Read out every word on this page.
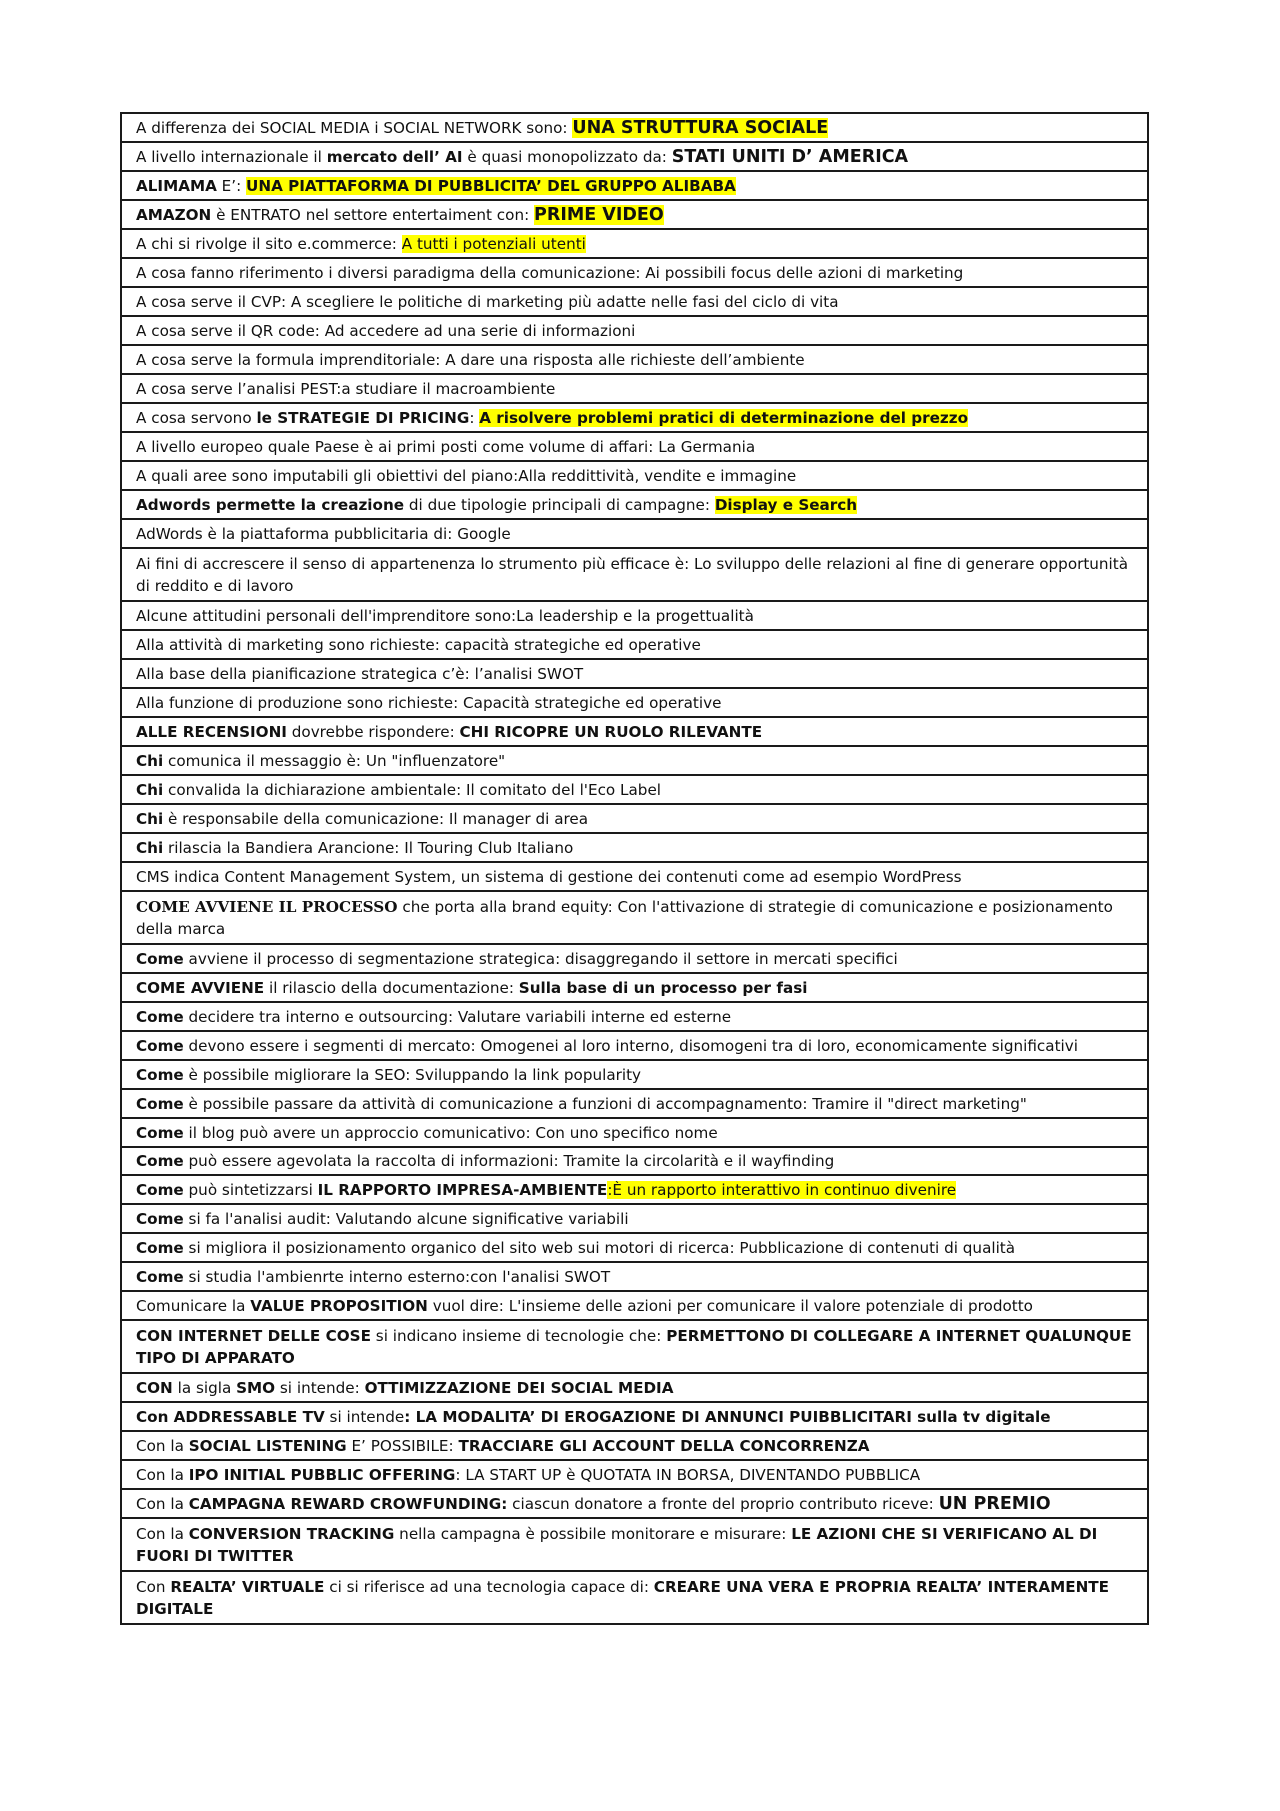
A differenza dei SOCIAL MEDIA i SOCIAL NETWORK sono: UNA STRUTTURA SOCIALE
A livello internazionale il mercato dell’ AI è quasi monopolizzato da: STATI UNITI D’ AMERICA
ALIMAMA E’: UNA PIATTAFORMA DI PUBBLICITA’ DEL GRUPPO ALIBABA
AMAZON è ENTRATO nel settore entertaiment con: PRIME VIDEO
A chi si rivolge il sito e.commerce: A tutti i potenziali utenti
A cosa fanno riferimento i diversi paradigma della comunicazione: Ai possibili focus delle azioni di marketing
A cosa serve il CVP: A scegliere le politiche di marketing più adatte nelle fasi del ciclo di vita
A cosa serve il QR code: Ad accedere ad una serie di informazioni
A cosa serve la formula imprenditoriale: A dare una risposta alle richieste dell’ambiente
A cosa serve l’analisi PEST:a studiare il macroambiente
A cosa servono le STRATEGIE DI PRICING: A risolvere problemi pratici di determinazione del prezzo
A livello europeo quale Paese è ai primi posti come volume di affari: La Germania
A quali aree sono imputabili gli obiettivi del piano:Alla reddittività, vendite e immagine
Adwords permette la creazione di due tipologie principali di campagne: Display e Search
AdWords è la piattaforma pubblicitaria di: Google
Ai fini di accrescere il senso di appartenenza lo strumento più efficace è: Lo sviluppo delle relazioni al fine di generare opportunità di reddito e di lavoro
Alcune attitudini personali dell'imprenditore sono:La leadership e la progettualità
Alla attività di marketing sono richieste: capacità strategiche ed operative
Alla base della pianificazione strategica c’è: l’analisi SWOT
Alla funzione di produzione sono richieste: Capacità strategiche ed operative
ALLE RECENSIONI dovrebbe rispondere: CHI RICOPRE UN RUOLO RILEVANTE
Chi comunica il messaggio è: Un "influenzatore"
Chi convalida la dichiarazione ambientale: Il comitato del l'Eco Label
Chi è responsabile della comunicazione: Il manager di area
Chi rilascia la Bandiera Arancione: Il Touring Club Italiano
CMS indica Content Management System, un sistema di gestione dei contenuti come ad esempio WordPress
COME AVVIENE IL PROCESSO che porta alla brand equity: Con l'attivazione di strategie di comunicazione e posizionamento della marca
Come avviene il processo di segmentazione strategica: disaggregando il settore in mercati specifici
COME AVVIENE il rilascio della documentazione: Sulla base di un processo per fasi
Come decidere tra interno e outsourcing: Valutare variabili interne ed esterne
Come devono essere i segmenti di mercato: Omogenei al loro interno, disomogeni tra di loro, economicamente significativi
Come è possibile migliorare la SEO: Sviluppando la link popularity
Come è possibile passare da attività di comunicazione a funzioni di accompagnamento: Tramire il "direct marketing"
Come il blog può avere un approccio comunicativo: Con uno specifico nome
Come può essere agevolata la raccolta di informazioni: Tramite la circolarità e il wayfinding
Come può sintetizzarsi IL RAPPORTO IMPRESA-AMBIENTE:È un rapporto interattivo in continuo divenire
Come si fa l'analisi audit: Valutando alcune significative variabili
Come si migliora il posizionamento organico del sito web sui motori di ricerca: Pubblicazione di contenuti di qualità
Come si studia l'ambienrte interno esterno:con l'analisi SWOT
Comunicare la VALUE PROPOSITION vuol dire: L'insieme delle azioni per comunicare il valore potenziale di prodotto
CON INTERNET DELLE COSE si indicano insieme di tecnologie che: PERMETTONO DI COLLEGARE A INTERNET QUALUNQUE TIPO DI APPARATO
CON la sigla SMO si intende: OTTIMIZZAZIONE DEI SOCIAL MEDIA
Con ADDRESSABLE TV si intende: LA MODALITA’ DI EROGAZIONE DI ANNUNCI PUIBBLICITARI sulla tv digitale
Con la SOCIAL LISTENING E’ POSSIBILE: TRACCIARE GLI ACCOUNT DELLA CONCORRENZA
Con la IPO INITIAL PUBBLIC OFFERING: LA START UP è QUOTATA IN BORSA, DIVENTANDO PUBBLICA
Con la CAMPAGNA REWARD CROWFUNDING: ciascun donatore a fronte del proprio contributo riceve: UN PREMIO
Con la CONVERSION TRACKING nella campagna è possibile monitorare e misurare: LE AZIONI CHE SI VERIFICANO AL DI FUORI DI TWITTER
Con REALTA’ VIRTUALE ci si riferisce ad una tecnologia capace di: CREARE UNA VERA E PROPRIA REALTA’ INTERAMENTE DIGITALE
